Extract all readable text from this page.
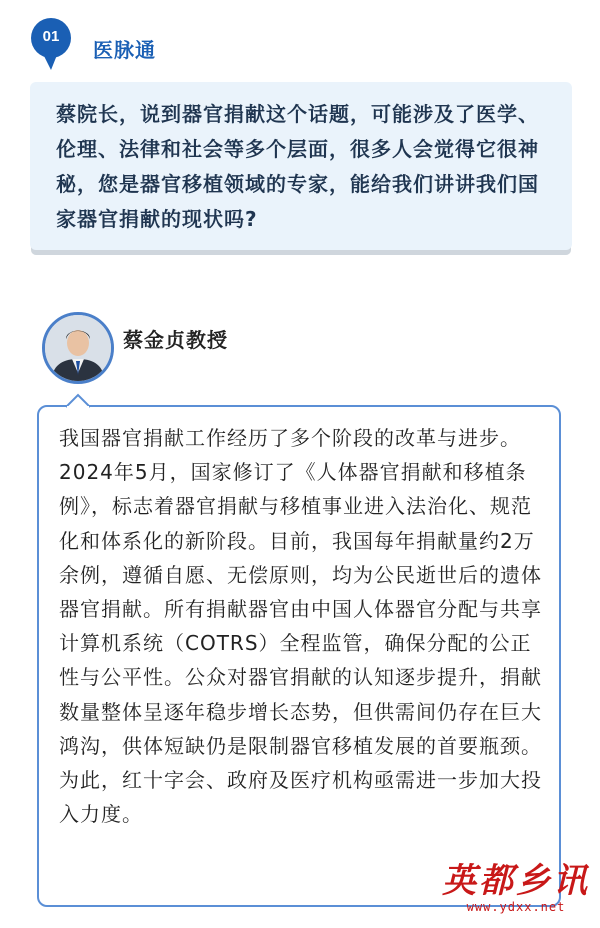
01
医脉通
蔡院长，说到器官捐献这个话题，可能涉及了医学、伦理、法律和社会等多个层面，很多人会觉得它很神秘，您是器官移植领域的专家，能给我们讲讲我们国家器官捐献的现状吗?
蔡金贞教授
我国器官捐献工作经历了多个阶段的改革与进步。2024年5月，国家修订了《人体器官捐献和移植条例》，标志着器官捐献与移植事业进入法治化、规范化和体系化的新阶段。目前，我国每年捐献量约2万余例，遵循自愿、无偿原则，均为公民逝世后的遗体器官捐献。所有捐献器官由中国人体器官分配与共享计算机系统（COTRS）全程监管，确保分配的公正性与公平性。公众对器官捐献的认知逐步提升，捐献数量整体呈逐年稳步增长态势，但供需间仍存在巨大鸿沟，供体短缺仍是限制器官移植发展的首要瓶颈。为此，红十字会、政府及医疗机构亟需进一步加大投入力度。
英都乡讯
www.ydxx.net
